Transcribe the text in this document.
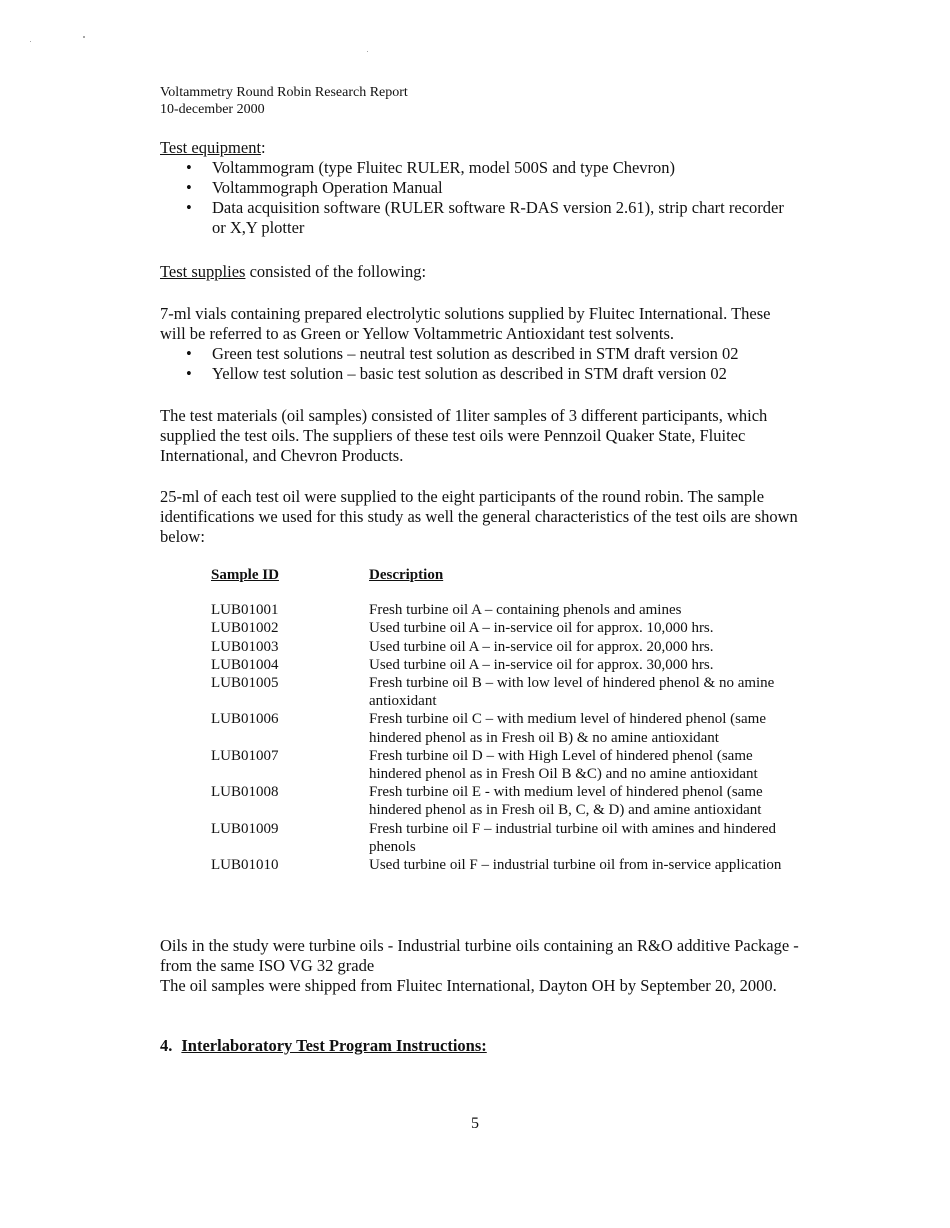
Voltammetry Round Robin Research Report
10-december 2000
Test equipment:
• Voltammogram (type Fluitec RULER, model 500S and type Chevron)
• Voltammograph Operation Manual
• Data acquisition software (RULER software R-DAS version 2.61), strip chart recorder or X,Y plotter
Test supplies consisted of the following:

7-ml vials containing prepared electrolytic solutions supplied by Fluitec International. These will be referred to as Green or Yellow Voltammetric Antioxidant test solvents.

• Green test solutions – neutral test solution as described in STM draft version 02
• Yellow test solution – basic test solution as described in STM draft version 02

The test materials (oil samples) consisted of 1liter samples of 3 different participants, which supplied the test oils. The suppliers of these test oils were Pennzoil Quaker State, Fluitec International, and Chevron Products.

25-ml of each test oil were supplied to the eight participants of the round robin. The sample identifications we used for this study as well the general characteristics of the test oils are shown below:

Sample ID	Description
LUB01001	Fresh turbine oil A – containing phenols and amines
LUB01002	Used turbine oil A – in-service oil for approx. 10,000 hrs.
LUB01003	Used turbine oil A – in-service oil for approx. 20,000 hrs.
LUB01004	Used turbine oil A – in-service oil for approx. 30,000 hrs.
LUB01005	Fresh turbine oil B – with low level of hindered phenol & no amine antioxidant
LUB01006	Fresh turbine oil C – with medium level of hindered phenol (same hindered phenol as in Fresh oil B) & no amine antioxidant
LUB01007	Fresh turbine oil D – with High Level of hindered phenol (same hindered phenol as in Fresh Oil B &C) and no amine antioxidant
LUB01008	Fresh turbine oil E - with medium level of hindered phenol (same hindered phenol as in Fresh oil B, C, & D) and amine antioxidant
LUB01009	Fresh turbine oil F – industrial turbine oil with amines and hindered phenols
LUB01010	Used turbine oil F – industrial turbine oil from in-service application

Oils in the study were turbine oils - Industrial turbine oils containing an R&O additive Package - from the same ISO VG 32 grade

The oil samples were shipped from Fluitec International, Dayton OH by September 20, 2000.

4. Interlaboratory Test Program Instructions:
5
